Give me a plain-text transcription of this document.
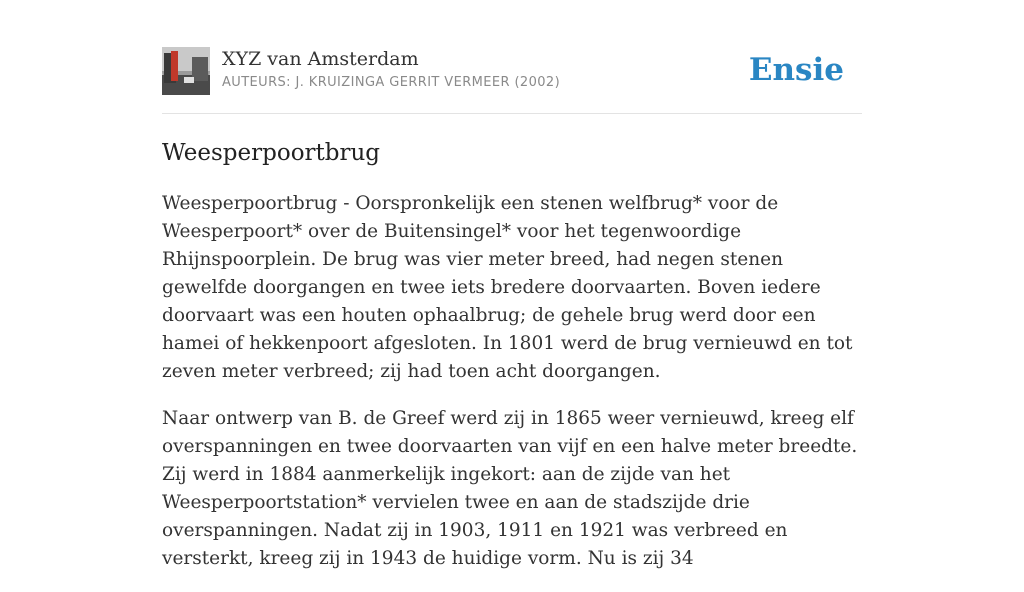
XYZ van Amsterdam
AUTEURS: J. KRUIZINGA GERRIT VERMEER (2002)	Ensie
Weesperpoortbrug

Weesperpoortbrug - Oorspronkelijk een stenen welfbrug* voor de Weesperpoort* over de Buitensingel* voor het tegenwoordige Rhijnspoorplein. De brug was vier meter breed, had negen stenen gewelfde doorgangen en twee iets bredere doorvaarten. Boven iedere doorvaart was een houten ophaalbrug; de gehele brug werd door een hamei of hekkenpoort afgesloten. In 1801 werd de brug vernieuwd en tot zeven meter verbreed; zij had toen acht doorgangen.

Naar ontwerp van B. de Greef werd zij in 1865 weer vernieuwd, kreeg elf overspanningen en twee doorvaarten van vijf en een halve meter breedte. Zij werd in 1884 aanmerkelijk ingekort: aan de zijde van het Weesperpoortstation* vervielen twee en aan de stadszijde drie overspanningen. Nadat zij in 1903, 1911 en 1921 was verbreed en versterkt, kreeg zij in 1943 de huidige vorm. Nu is zij 34
